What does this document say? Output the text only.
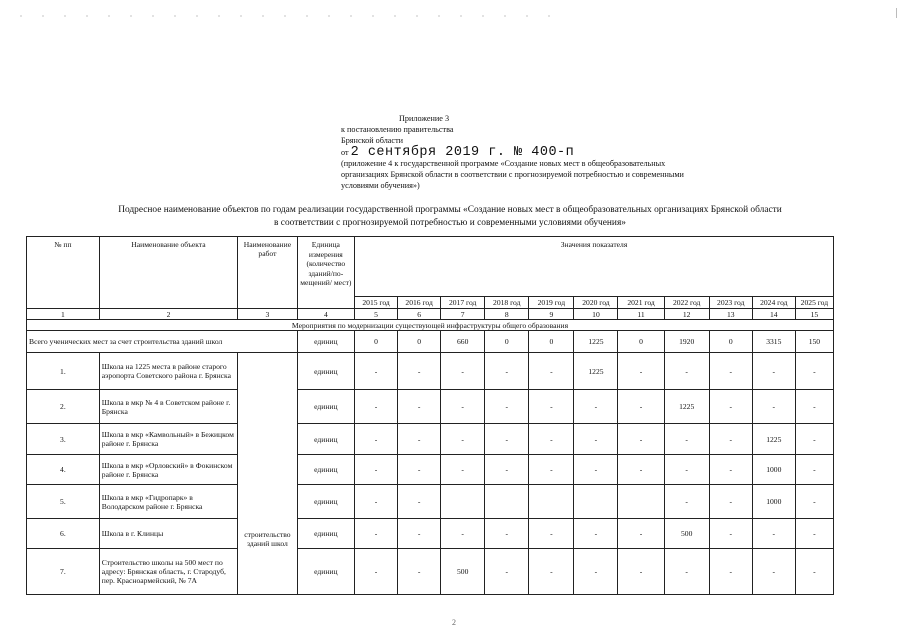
Приложение 3
к постановлению правительства
Брянской области
от 2 сентября 2019 г. № 400-п
(приложение 4 к государственной программе «Создание новых мест в общеобразовательных
организациях Брянской области в соответствии с прогнозируемой потребностью и современными
условиями обучения»)
Подресное наименование объектов по годам реализации государственной программы «Создание новых мест в общеобразовательных организациях Брянской области
в соответствии с прогнозируемой потребностью и современными условиями обучения»
№ пп	Наименование объекта	Наименование работ	Единица измерения (количество зданий/по-мещений/ мест)	Значения показателя										
				2015 год	2016 год	2017 год	2018 год	2019 год	2020 год	2021 год	2022 год	2023 год	2024 год	2025 год
1	2	3	4	5	6	7	8	9	10	11	12	13	14	15
Мероприятия по модернизации существующей инфраструктуры общего образования														
Всего ученических мест за счет строительства зданий школ			единиц	0	0	660	0	0	1225	0	1920	0	3315	150
1.	Школа на 1225 места в районе старого аэропорта Советского района г. Брянска	строительство зданий школ	единиц	-	-	-	-	-	1225	-	-	-	-	-
2.	Школа в мкр № 4 в Советском районе г. Брянска		единиц	-	-	-	-	-	-	-	1225	-	-	-
3.	Школа в мкр «Камвольный» в Бежицком районе г. Брянска		единиц	-	-	-	-	-	-	-	-	-	1225	-
4.	Школа в мкр «Орловский» в Фокинском районе г. Брянска		единиц	-	-	-	-	-	-	-	-	-	1000	-
5.	Школа в мкр «Гидропарк» в Володарском районе г. Брянска		единиц	-	-						-	-	1000	-
6.	Школа в г. Клинцы		единиц	-	-	-	-	-	-	-	500	-	-	-
7.	Строительство школы на 500 мест по адресу: Брянская область, г. Стародуб, пер. Красноармейский, № 7А		единиц	-	-	500	-	-	-	-	-	-	-	-
2
